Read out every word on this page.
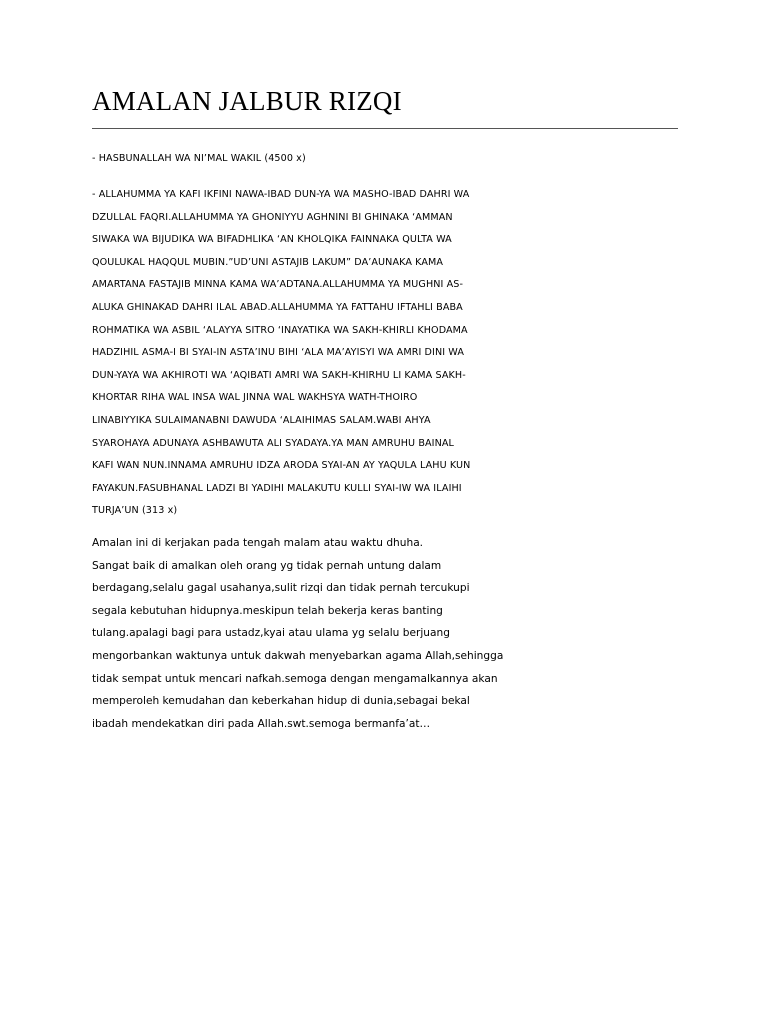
AMALAN JALBUR RIZQI
- HASBUNALLAH WA NI’MAL WAKIL (4500 x)
- ALLAHUMMA YA KAFI IKFINI NAWA-IBAD DUN-YA WA MASHO-IBAD DAHRI WA
DZULLAL FAQRI.ALLAHUMMA YA GHONIYYU AGHNINI BI GHINAKA ‘AMMAN
SIWAKA WA BIJUDIKA WA BIFADHLIKA ‘AN KHOLQIKA FAINNAKA QULTA WA
QOULUKAL HAQQUL MUBIN.”UD’UNI ASTAJIB LAKUM” DA’AUNAKA KAMA
AMARTANA FASTAJIB MINNA KAMA WA’ADTANA.ALLAHUMMA YA MUGHNI AS-
ALUKA GHINAKAD DAHRI ILAL ABAD.ALLAHUMMA YA FATTAHU IFTAHLI BABA
ROHMATIKA WA ASBIL ‘ALAYYA SITRO ‘INAYATIKA WA SAKH-KHIRLI KHODAMA
HADZIHIL ASMA-I BI SYAI-IN ASTA’INU BIHI ‘ALA MA’AYISYI WA AMRI DINI WA
DUN-YAYA WA AKHIROTI WA ‘AQIBATI AMRI WA SAKH-KHIRHU LI KAMA SAKH-
KHORTAR RIHA WAL INSA WAL JINNA WAL WAKHSYA WATH-THOIRO
LINABIYYIKA SULAIMANABNI DAWUDA ‘ALAIHIMAS SALAM.WABI AHYA
SYAROHAYA ADUNAYA ASHBAWUTA ALI SYADAYA.YA MAN AMRUHU BAINAL
KAFI WAN NUN.INNAMA AMRUHU IDZA ARODA SYAI-AN AY YAQULA LAHU KUN
FAYAKUN.FASUBHANAL LADZI BI YADIHI MALAKUTU KULLI SYAI-IW WA ILAIHI
TURJA’UN (313 x)
Amalan ini di kerjakan pada tengah malam atau waktu dhuha.
Sangat baik di amalkan oleh orang yg tidak pernah untung dalam
berdagang,selalu gagal usahanya,sulit rizqi dan tidak pernah tercukupi
segala kebutuhan hidupnya.meskipun telah bekerja keras banting
tulang.apalagi bagi para ustadz,kyai atau ulama yg selalu berjuang
mengorbankan waktunya untuk dakwah menyebarkan agama Allah,sehingga
tidak sempat untuk mencari nafkah.semoga dengan mengamalkannya akan
memperoleh kemudahan dan keberkahan hidup di dunia,sebagai bekal
ibadah mendekatkan diri pada Allah.swt.semoga bermanfa’at…
